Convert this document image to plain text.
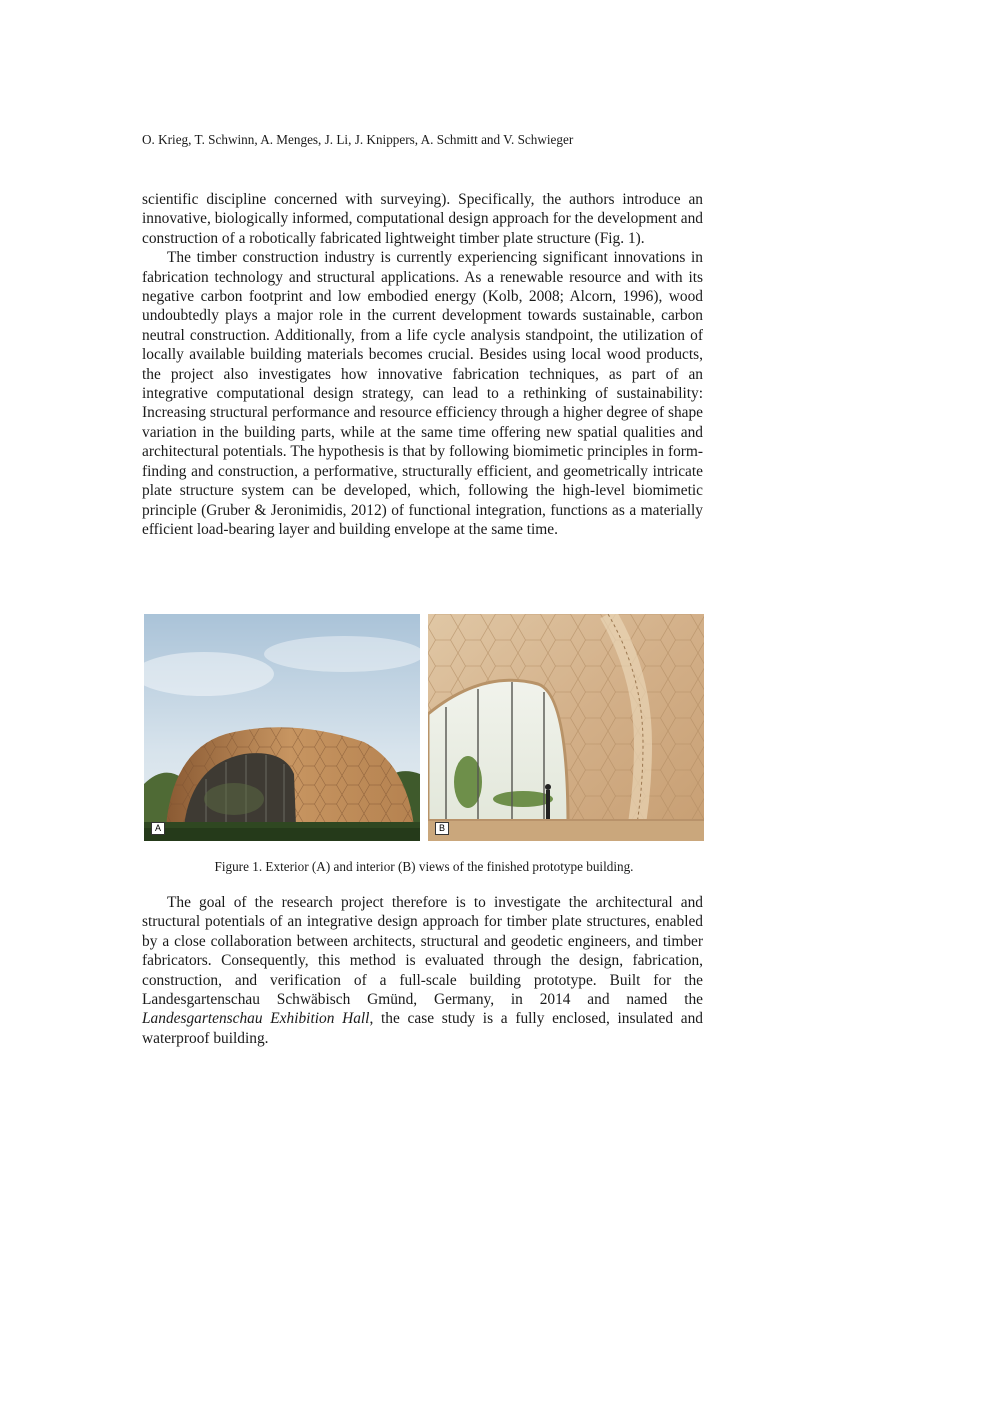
O. Krieg, T. Schwinn, A. Menges, J. Li, J. Knippers, A. Schmitt and V. Schwieger

scientific discipline concerned with surveying). Specifically, the authors introduce an innovative, biologically informed, computational design approach for the development and construction of a robotically fabricated lightweight timber plate structure (Fig. 1).

The timber construction industry is currently experiencing significant innovations in fabrication technology and structural applications. As a renewable resource and with its negative carbon footprint and low embodied energy (Kolb, 2008; Alcorn, 1996), wood undoubtedly plays a major role in the current development towards sustainable, carbon neutral construction. Additionally, from a life cycle analysis standpoint, the utilization of locally available building materials becomes crucial. Besides using local wood products, the project also investigates how innovative fabrication techniques, as part of an integrative computational design strategy, can lead to a rethinking of sustainability: Increasing structural performance and resource efficiency through a higher degree of shape variation in the building parts, while at the same time offering new spatial qualities and architectural potentials. The hypothesis is that by following biomimetic principles in form-finding and construction, a performative, structurally efficient, and geometrically intricate plate structure system can be developed, which, following the high-level biomimetic principle (Gruber & Jeronimidis, 2012) of functional integration, functions as a materially efficient load-bearing layer and building envelope at the same time.

A	B
Figure 1. Exterior (A) and interior (B) views of the finished prototype building.

The goal of the research project therefore is to investigate the architectural and structural potentials of an integrative design approach for timber plate structures, enabled by a close collaboration between architects, structural and geodetic engineers, and timber fabricators. Consequently, this method is evaluated through the design, fabrication, construction, and verification of a full-scale building prototype. Built for the Landesgartenschau Schwäbisch Gmünd, Germany, in 2014 and named the Landesgartenschau Exhibition Hall, the case study is a fully enclosed, insulated and waterproof building.
